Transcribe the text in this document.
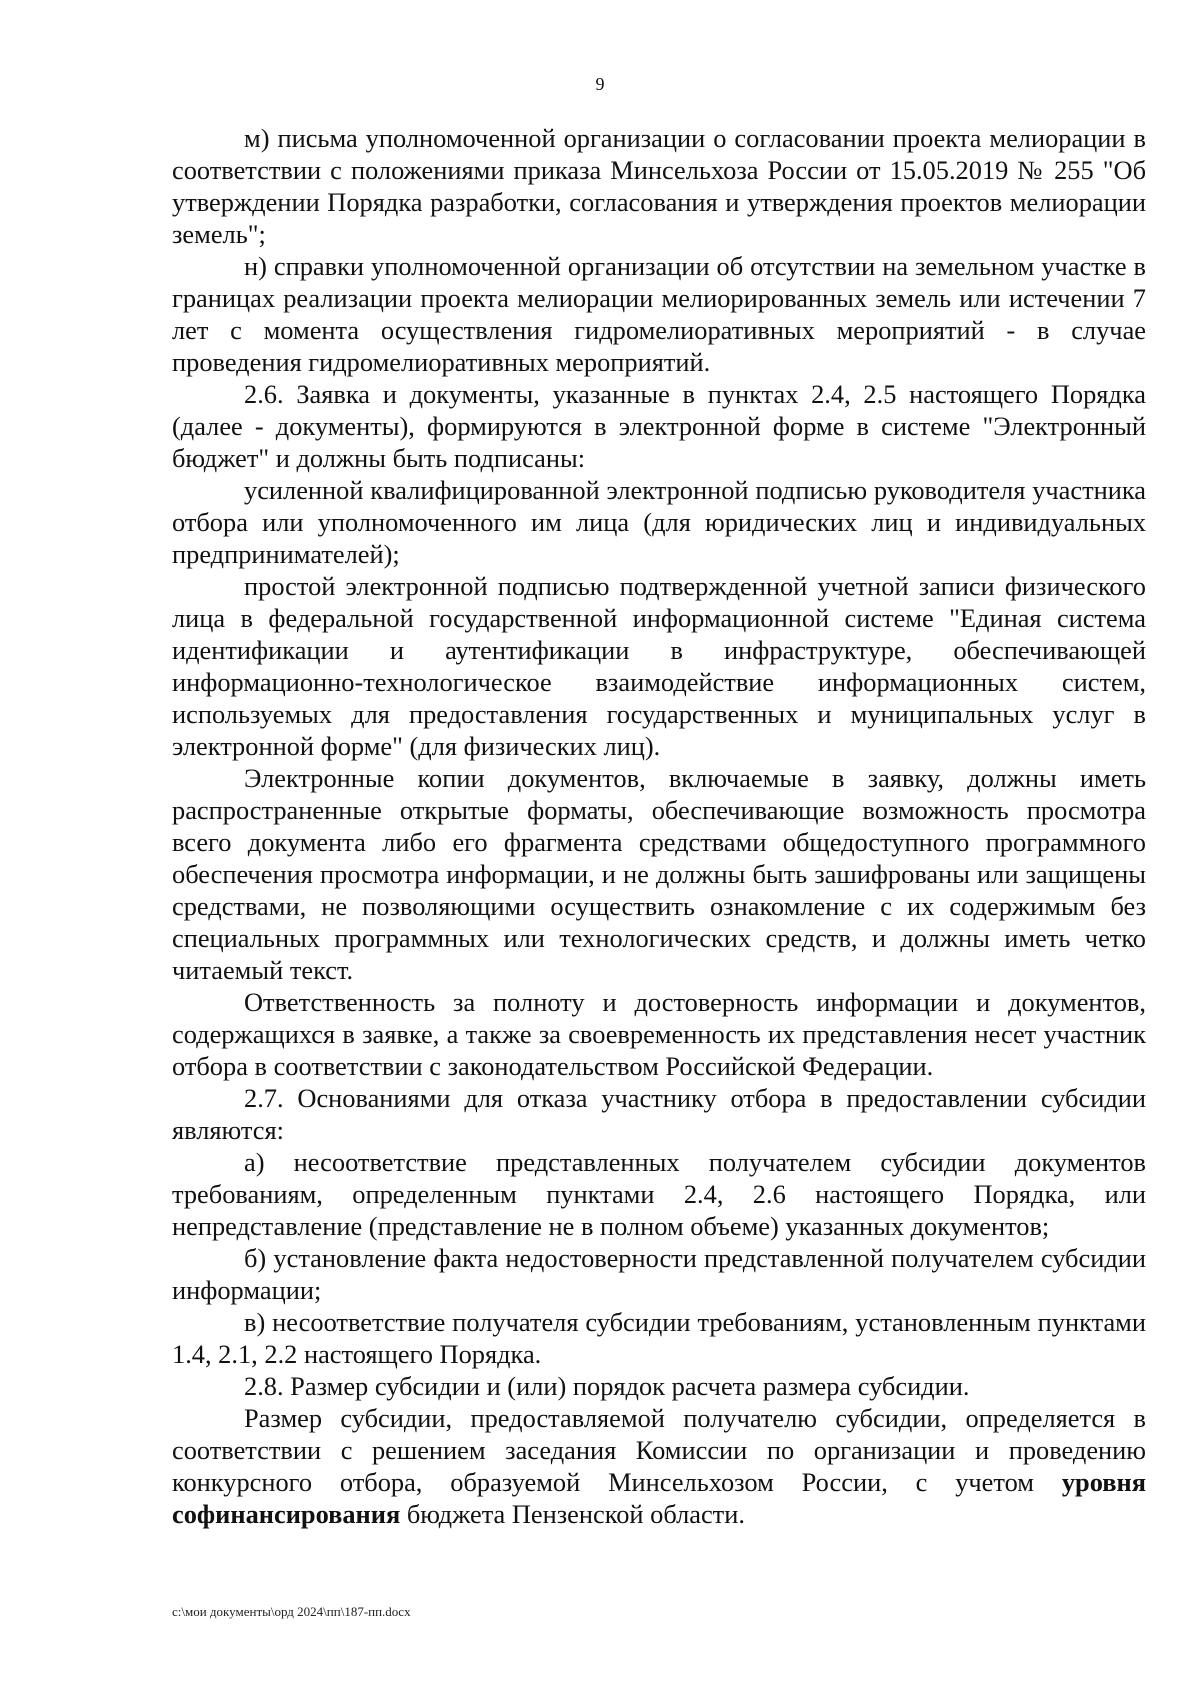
9

м) письма уполномоченной организации о согласовании проекта мелиорации в соответствии с положениями приказа Минсельхоза России от 15.05.2019 № 255 "Об утверждении Порядка разработки, согласования и утверждения проектов мелиорации земель";

н) справки уполномоченной организации об отсутствии на земельном участке в границах реализации проекта мелиорации мелиорированных земель или истечении 7 лет с момента осуществления гидромелиоративных мероприятий - в случае проведения гидромелиоративных мероприятий.

2.6. Заявка и документы, указанные в пунктах 2.4, 2.5 настоящего Порядка (далее - документы), формируются в электронной форме в системе "Электронный бюджет" и должны быть подписаны:

усиленной квалифицированной электронной подписью руководителя участника отбора или уполномоченного им лица (для юридических лиц и индивидуальных предпринимателей);

простой электронной подписью подтвержденной учетной записи физического лица в федеральной государственной информационной системе "Единая система идентификации и аутентификации в инфраструктуре, обеспечивающей информационно-технологическое взаимодействие информационных систем, используемых для предоставления государственных и муниципальных услуг в электронной форме" (для физических лиц).

Электронные копии документов, включаемые в заявку, должны иметь распространенные открытые форматы, обеспечивающие возможность просмотра всего документа либо его фрагмента средствами общедоступного программного обеспечения просмотра информации, и не должны быть зашифрованы или защищены средствами, не позволяющими осуществить ознакомление с их содержимым без специальных программных или технологических средств, и должны иметь четко читаемый текст.

Ответственность за полноту и достоверность информации и документов, содержащихся в заявке, а также за своевременность их представления несет участник отбора в соответствии с законодательством Российской Федерации.

2.7. Основаниями для отказа участнику отбора в предоставлении субсидии являются:

а) несоответствие представленных получателем субсидии документов требованиям, определенным пунктами 2.4, 2.6 настоящего Порядка, или непредставление (представление не в полном объеме) указанных документов;

б) установление факта недостоверности представленной получателем субсидии информации;

в) несоответствие получателя субсидии требованиям, установленным пунктами 1.4, 2.1, 2.2 настоящего Порядка.

2.8. Размер субсидии и (или) порядок расчета размера субсидии.

Размер субсидии, предоставляемой получателю субсидии, определяется в соответствии с решением заседания Комиссии по организации и проведению конкурсного отбора, образуемой Минсельхозом России, с учетом уровня софинансирования бюджета Пензенской области.

c:\мои документы\орд 2024\пп\187-пп.docx
